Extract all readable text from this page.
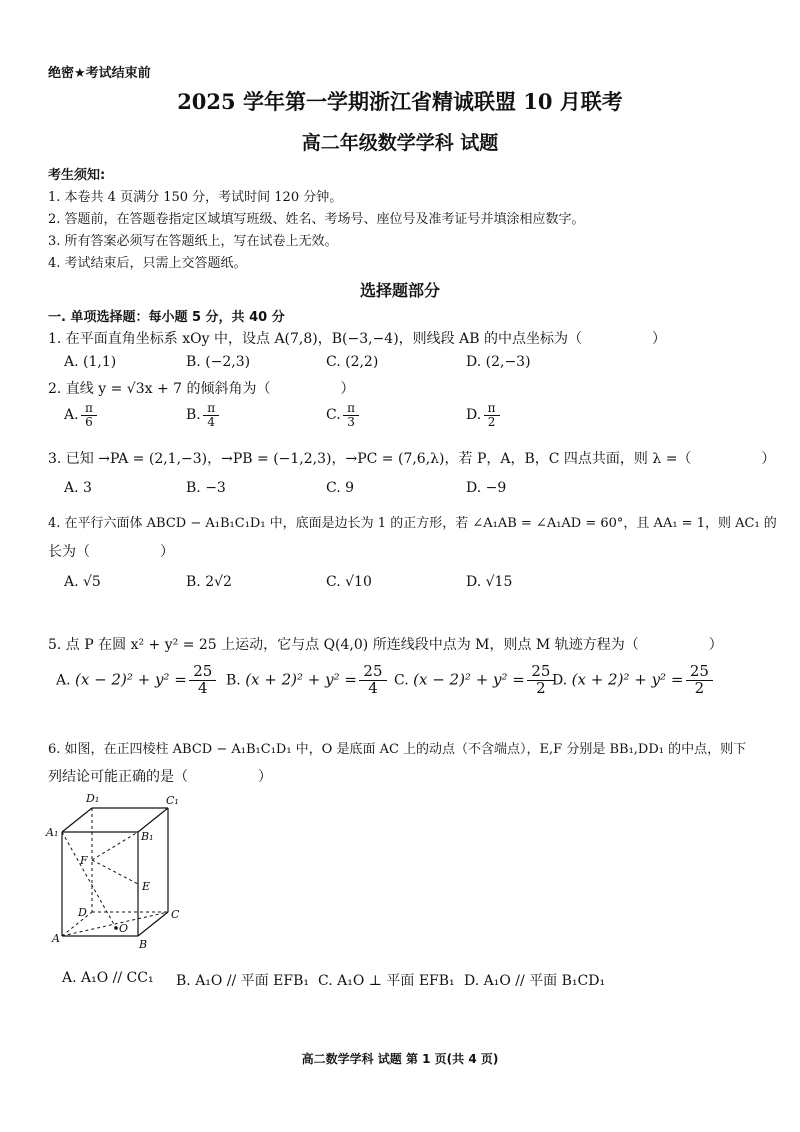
绝密★考试结束前
2025 学年第一学期浙江省精诚联盟 10 月联考
高二年级数学学科 试题
考生须知:
1. 本卷共 4 页满分 150 分，考试时间 120 分钟。
2. 答题前，在答题卷指定区域填写班级、姓名、考场号、座位号及准考证号并填涂相应数字。
3. 所有答案必须写在答题纸上，写在试卷上无效。
4. 考试结束后，只需上交答题纸。
选择题部分
一. 单项选择题：每小题 5 分，共 40 分
1. 在平面直角坐标系 xOy 中，设点 A(7,8)，B(−3,−4)，则线段 AB 的中点坐标为（　　　　　）
A. (1,1)	B. (−2,3)	C. (2,2)	D. (2,−3)
2. 直线 y = √3x + 7 的倾斜角为（　　　　　）
A. $\frac{\pi}{6}$	B. $\frac{\pi}{4}$	C. $\frac{\pi}{3}$	D. $\frac{\pi}{2}$
3. 已知 →PA = (2,1,−3)，→PB = (−1,2,3)，→PC = (7,6,λ)，若 P，A，B，C 四点共面，则 λ =（　　　　　）
A. 3	B. −3	C. 9	D. −9
4. 在平行六面体 ABCD − A₁B₁C₁D₁ 中，底面是边长为 1 的正方形，若 ∠A₁AB = ∠A₁AD = 60°，且 AA₁ = 1，则 AC₁ 的
长为（　　　　　）
A. √5	B. 2√2	C. √10	D. √15
5. 点 P 在圆 x² + y² = 25 上运动，它与点 Q(4,0) 所连线段中点为 M，则点 M 轨迹方程为（　　　　　）
A. $(x - 2)^2 + y^2 = \frac{25}{4} B$. $(x + 2)^2 + y^2 = \frac{25}{4} C$. $(x - 2)^2 + y^2 = \frac{25}{2} D$. $(x + 2)^2 + y^2 = \frac{25}{2}$
6. 如图，在正四棱柱 ABCD − A₁B₁C₁D₁ 中，O 是底面 AC 上的动点（不含端点），E,F 分别是 BB₁,DD₁ 的中点，则下
列结论可能正确的是（　　　　　）
D₁	C₁
A₁	B₁
F
E
D	C
A	B
O
A. A₁O // CC₁ B. A₁O // 平面 EFB₁ C. A₁O ⊥ 平面 EFB₁ D. A₁O // 平面 B₁CD₁
高二数学学科 试题 第 1 页(共 4 页)
